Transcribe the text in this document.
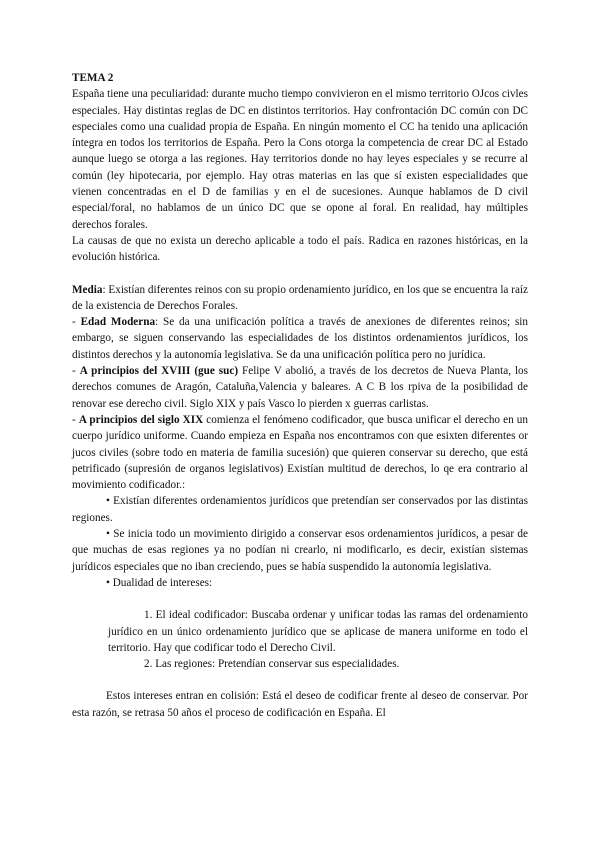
TEMA 2

España tiene una peculiaridad: durante mucho tiempo convivieron en el mismo territorio OJcos civles especiales. Hay distintas reglas de DC en distintos territorios. Hay confrontación DC común con DC especiales como una cualidad propia de España. En ningún momento el CC ha tenido una aplicación íntegra en todos los territorios de España. Pero la Cons otorga la competencia de crear DC al Estado aunque luego se otorga a las regiones. Hay territorios donde no hay leyes especiales y se recurre al común (ley hipotecaria, por ejemplo. Hay otras materias en las que sí existen especialidades que vienen concentradas en el D de familias y en el de sucesiones. Aunque hablamos de D civil especial/foral, no hablamos de un único DC que se opone al foral. En realidad, hay múltiples derechos forales.

La causas de que no exista un derecho aplicable a todo el país. Radica en razones históricas, en la evolución histórica.

Media: Existían diferentes reinos con su propio ordenamiento jurídico, en los que se encuentra la raíz de la existencia de Derechos Forales.

- Edad Moderna: Se da una unificación política a través de anexiones de diferentes reinos; sin embargo, se siguen conservando las especialidades de los distintos ordenamientos jurídicos, los distintos derechos y la autonomía legislativa. Se da una unificación política pero no jurídica.

- A principios del XVIII (gue suc) Felipe V abolió, a través de los decretos de Nueva Planta, los derechos comunes de Aragón, Cataluña,Valencia y baleares. A C B los rpiva de la posibilidad de renovar ese derecho civil. Siglo XIX y país Vasco lo pierden x guerras carlistas.

- A principios del siglo XIX comienza el fenómeno codificador, que busca unificar el derecho en un cuerpo jurídico uniforme. Cuando empieza en España nos encontramos con que esixten diferentes or jucos civiles (sobre todo en materia de familia sucesión) que quieren conservar su derecho, que está petrificado (supresión de organos legislativos) Existían multitud de derechos, lo qe era contrario al movimiento codificador.:

• Existían diferentes ordenamientos jurídicos que pretendían ser conservados por las distintas regiones.

• Se inicia todo un movimiento dirigido a conservar esos ordenamientos jurídicos, a pesar de que muchas de esas regiones ya no podían ni crearlo, ni modificarlo, es decir, existían sistemas jurídicos especiales que no iban creciendo, pues se había suspendido la autonomía legislativa.

• Dualidad de intereses:

1. El ideal codificador: Buscaba ordenar y unificar todas las ramas del ordenamiento jurídico en un único ordenamiento jurídico que se aplicase de manera uniforme en todo el territorio. Hay que codificar todo el Derecho Civil.
2. Las regiones: Pretendían conservar sus especialidades.

Estos intereses entran en colisión: Está el deseo de codificar frente al deseo de conservar. Por esta razón, se retrasa 50 años el proceso de codificación en España. El
